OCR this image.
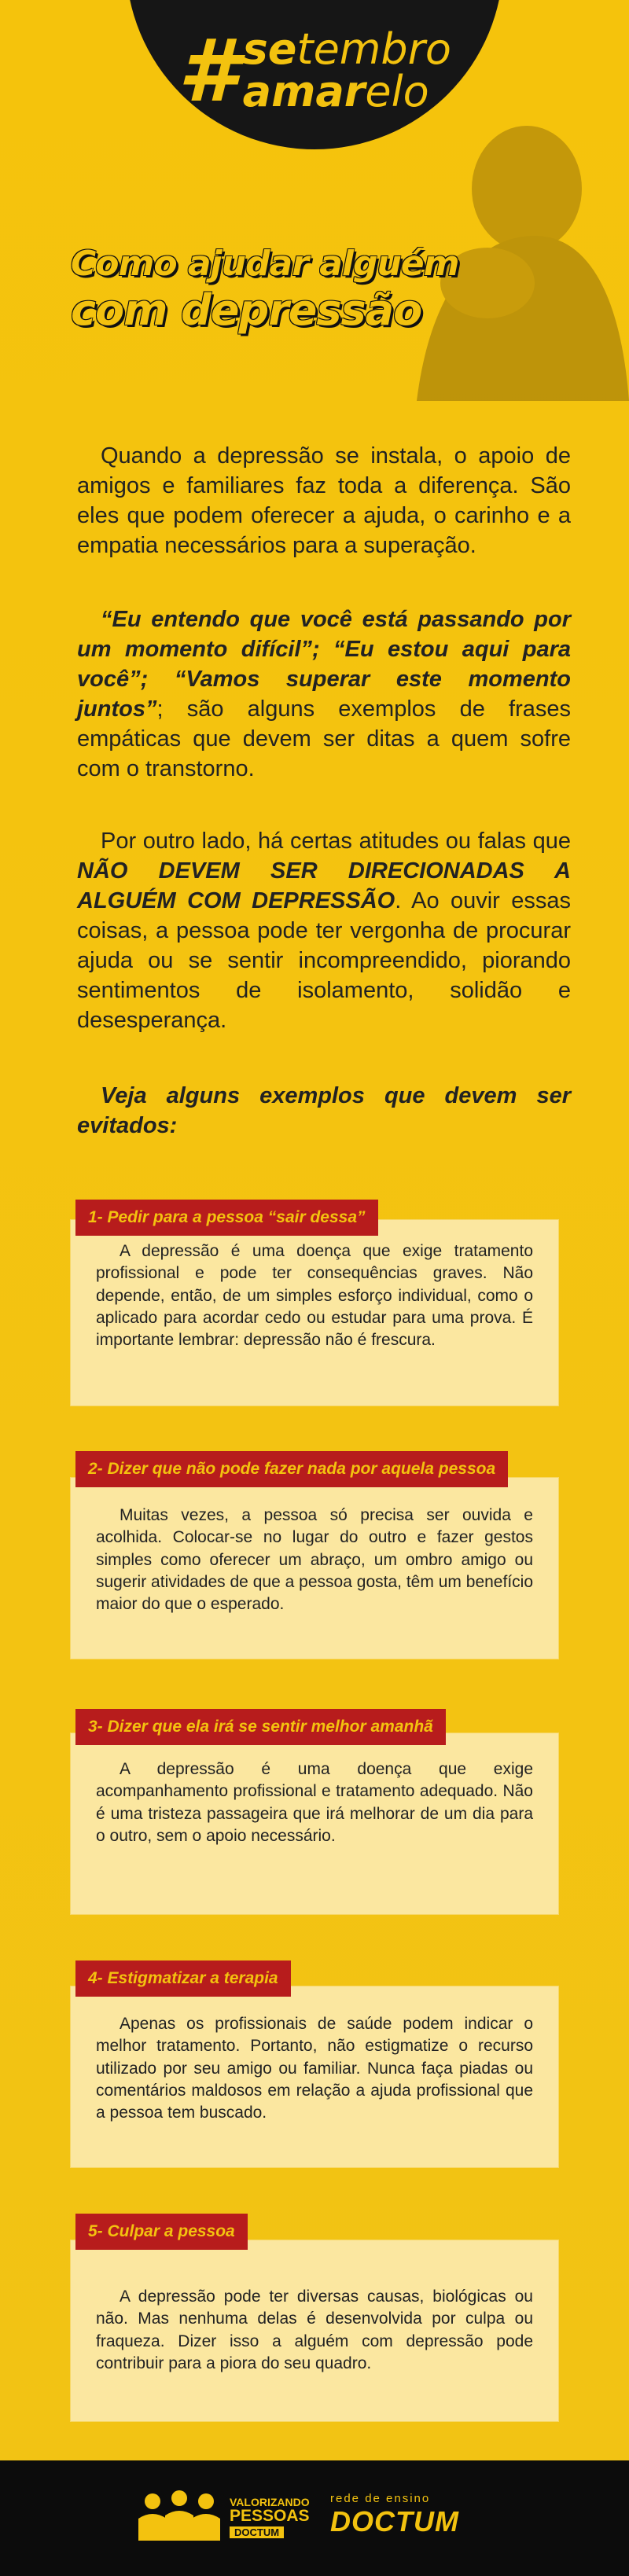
# setembro
amarelo
Como ajudar alguém
com depressão
Quando a depressão se instala, o apoio de amigos e familiares faz toda a diferença. São eles que podem oferecer a ajuda, o carinho e a empatia necessários para a superação.
“Eu entendo que você está passando por um momento difícil”; “Eu estou aqui para você”; “Vamos superar este momento juntos”; são alguns exemplos de frases empáticas que devem ser ditas a quem sofre com o transtorno.
Por outro lado, há certas atitudes ou falas que NÃO DEVEM SER DIRECIONADAS A ALGUÉM COM DEPRESSÃO. Ao ouvir essas coisas, a pessoa pode ter vergonha de procurar ajuda ou se sentir incompreendido, piorando sentimentos de isolamento, solidão e desesperança.
Veja alguns exemplos que devem ser evitados:
A depressão é uma doença que exige tratamento profissional e pode ter consequências graves. Não depende, então, de um simples esforço individual, como o aplicado para acordar cedo ou estudar para uma prova. É importante lembrar: depressão não é frescura.
1- Pedir para a pessoa “sair dessa”
Muitas vezes, a pessoa só precisa ser ouvida e acolhida. Colocar-se no lugar do outro e fazer gestos simples como oferecer um abraço, um ombro amigo ou sugerir atividades de que a pessoa gosta, têm um benefício maior do que o esperado.
2- Dizer que não pode fazer nada por aquela pessoa
A depressão é uma doença que exige acompanhamento profissional e tratamento adequado. Não é uma tristeza passageira que irá melhorar de um dia para o outro, sem o apoio necessário.
3- Dizer que ela irá se sentir melhor amanhã
Apenas os profissionais de saúde podem indicar o melhor tratamento. Portanto, não estigmatize o recurso utilizado por seu amigo ou familiar. Nunca faça piadas ou comentários maldosos em relação a ajuda profissional que a pessoa tem buscado.
4- Estigmatizar a terapia
A depressão pode ter diversas causas, biológicas ou não. Mas nenhuma delas é desenvolvida por culpa ou fraqueza. Dizer isso a alguém com depressão pode contribuir para a piora do seu quadro.
5- Culpar a pessoa
VALORIZANDO
PESSOAS
DOCTUM
rede de ensino
DOCTUM
